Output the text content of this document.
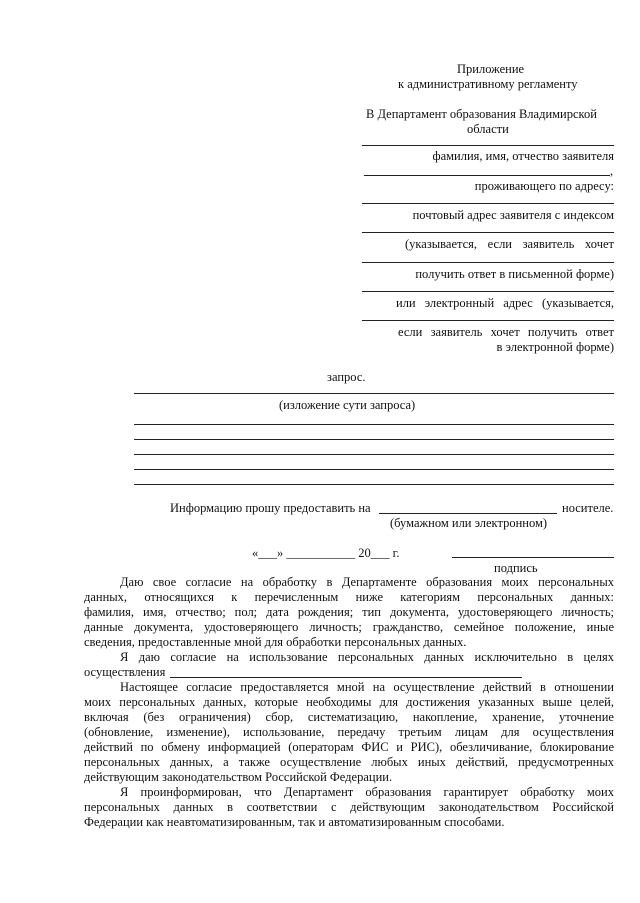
Приложение
к административному регламенту
В Департамент образования Владимирской
области
фамилия, имя, отчество заявителя
,
проживающего по адресу:
почтовый адрес заявителя с индексом
(указывается, если заявитель хочет
получить ответ в письменной форме)
или электронный адрес (указывается,
если заявитель хочет получить ответ
в электронной форме)
запрос.
(изложение сути запроса)
Информацию прошу предоставить на	носителе.
(бумажном или электронном)
«___» ___________ 20___ г.
подпись
Даю свое согласие на обработку в Департаменте образования моих персональных
данных, относящихся к перечисленным ниже категориям персональных данных:
фамилия, имя, отчество; пол; дата рождения; тип документа, удостоверяющего личность;
данные документа, удостоверяющего личность; гражданство, семейное положение, иные
сведения, предоставленные мной для обработки персональных данных.
Я даю согласие на использование персональных данных исключительно в целях
осуществления
Настоящее согласие предоставляется мной на осуществление действий в отношении
моих персональных данных, которые необходимы для достижения указанных выше целей,
включая (без ограничения) сбор, систематизацию, накопление, хранение, уточнение
(обновление, изменение), использование, передачу третьим лицам для осуществления
действий по обмену информацией (операторам ФИС и РИС), обезличивание, блокирование
персональных данных, а также осуществление любых иных действий, предусмотренных
действующим законодательством Российской Федерации.
Я проинформирован, что Департамент образования гарантирует обработку моих
персональных данных в соответствии с действующим законодательством Российской
Федерации как неавтоматизированным, так и автоматизированным способами.
